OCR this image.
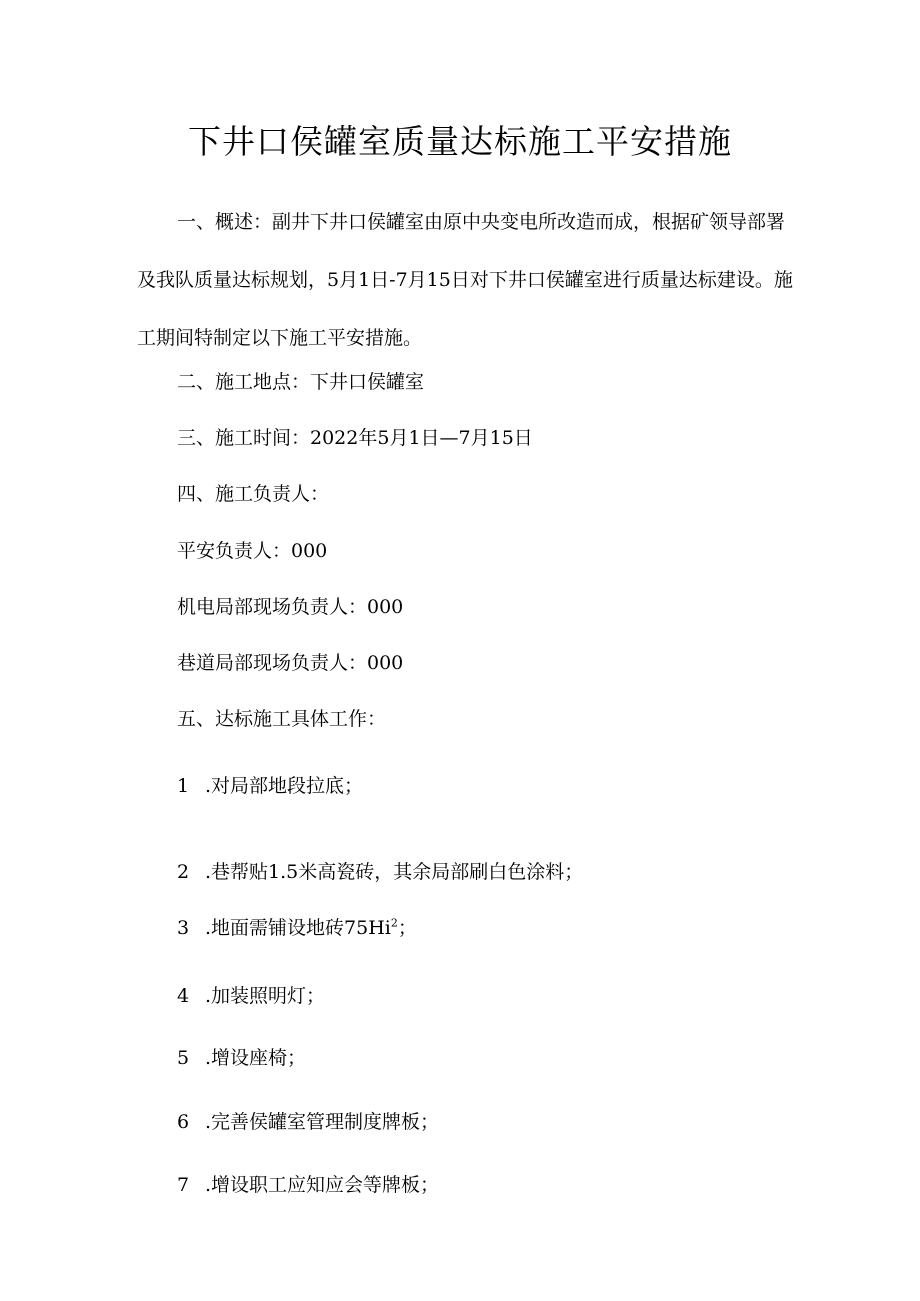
下井口侯罐室质量达标施工平安措施

一、概述：副井下井口侯罐室由原中央变电所改造而成，根据矿领导部署及我队质量达标规划，5月1日-7月15日对下井口侯罐室进行质量达标建设。施工期间特制定以下施工平安措施。

二、施工地点：下井口侯罐室

三、施工时间：2022年5月1日—7月15日

四、施工负责人：

平安负责人：000

机电局部现场负责人：000

巷道局部现场负责人：000

五、达标施工具体工作：

1 .对局部地段拉底；

2 .巷帮贴1.5米高瓷砖，其余局部刷白色涂料；

3 .地面需铺设地砖75Hi$^2$；

4 .加装照明灯；

5 .增设座椅；

6 .完善侯罐室管理制度牌板；

7 .增设职工应知应会等牌板；
